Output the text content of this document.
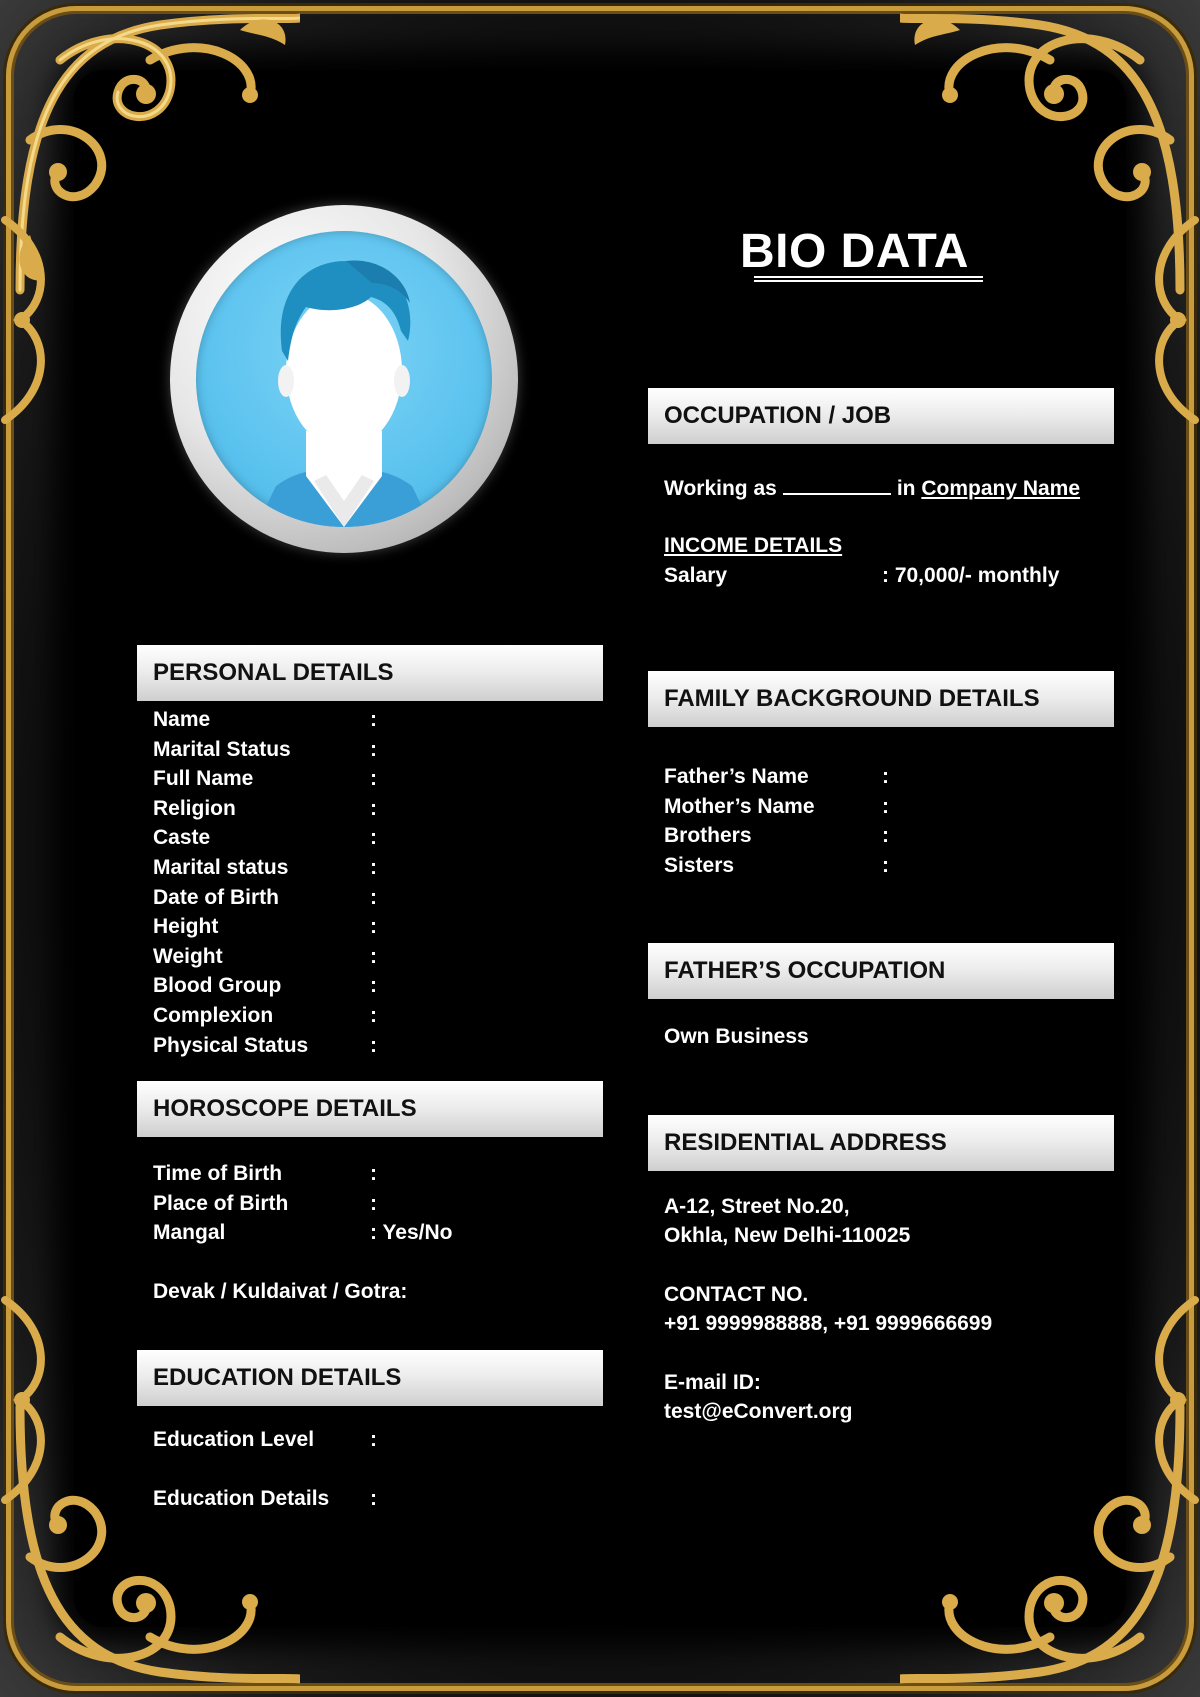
BIO DATA
OCCUPATION / JOB
Working as	in Company Name
INCOME DETAILS
Salary	: 70,000/- monthly
PERSONAL DETAILS
FAMILY BACKGROUND DETAILS
FATHER’S OCCUPATION
Own Business
HOROSCOPE DETAILS
Devak / Kuldaivat / Gotra:
RESIDENTIAL ADDRESS
A-12, Street No.20,
Okhla, New Delhi-110025
CONTACT NO.
+91 9999988888, +91 9999666699
E-mail ID:
test@eConvert.org
EDUCATION DETAILS
Name	:
Marital Status	:
Full Name	:
Religion	:
Caste	:
Marital status	:
Date of Birth	:
Height	:
Weight	:
Blood Group	:
Complexion	:
Physical Status	:
Father’s Name	:
Mother’s Name	:
Brothers	:
Sisters	:
Time of Birth	:
Place of Birth	:
Mangal	: Yes/No
Education Level	:
Education Details :
